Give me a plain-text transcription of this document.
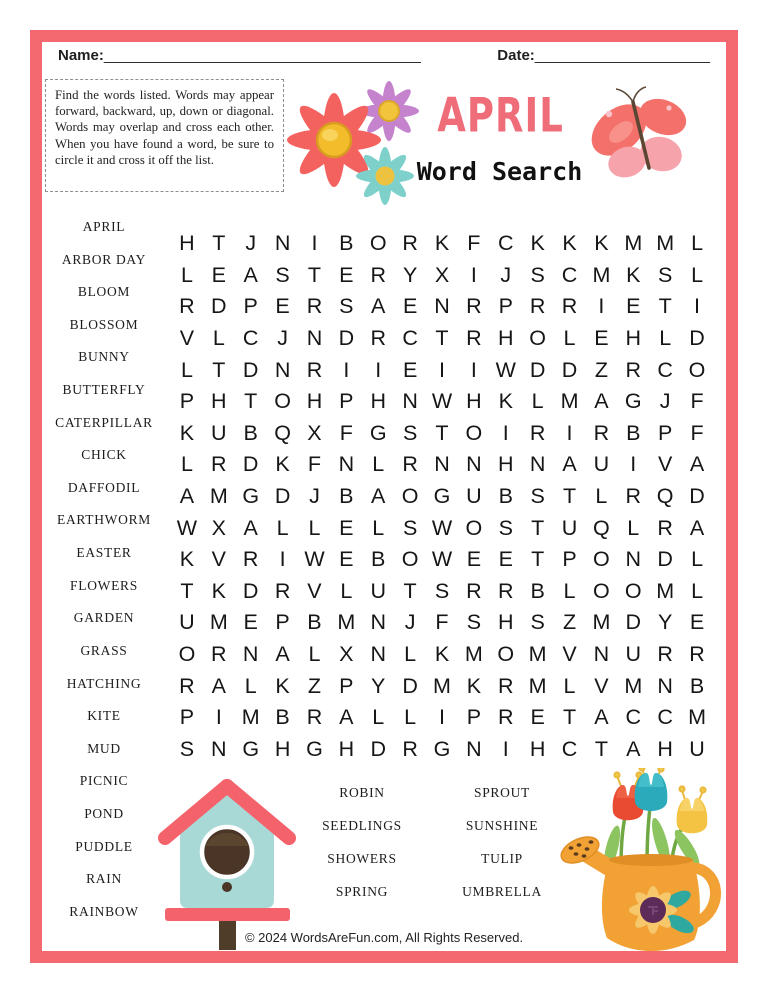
Name:______________________________________	Date:_____________________
Find the words listed. Words may appear forward, backward, up, down or diagonal. Words may overlap and cross each other. When you have found a word, be sure to circle it and cross it off the list.
APRIL
Word Search
APRIL
ARBOR DAY
BLOOM
BLOSSOM
BUNNY
BUTTERFLY
CATERPILLAR
CHICK
DAFFODIL
EARTHWORM
EASTER
FLOWERS
GARDEN
GRASS
HATCHING
KITE
MUD
PICNIC
POND
PUDDLE
RAIN
RAINBOW
H T J N I	B O R K F C K K K M M L
L E A S T E R Y X	I	J S C M K S L
R D P E R S A E N R P R R I	E T	I
V L C J N D R C T R H O L E H L D
L T D N R I	I	E	I	I W D D Z R C O
P H T O H P H N W H K L M A G J F
K U B Q X F G S T O I R I R B P F
L R D K F N L R N N H N A U I	V A
A M G D J B A O G U B S T L R Q D
W X A L L E L S W O S T U Q L R A
K V R I W E B O W E E T P O N D L
T K D R V L U T S R R B L O O M L
U M E P B M N J F S H S Z M D Y E
O R N A L X N L K M O M V N U R R
R A L K Z P Y D M K R M L V M N B
P	I M B R A L L	I	P R E T A C C M
S N G H G H D R G N I H C T A H U
ROBIN
SEEDLINGS
SHOWERS
SPRING
SPROUT
SUNSHINE
TULIP
UMBRELLA
© 2024 WordsAreFun.com, All Rights Reserved.
